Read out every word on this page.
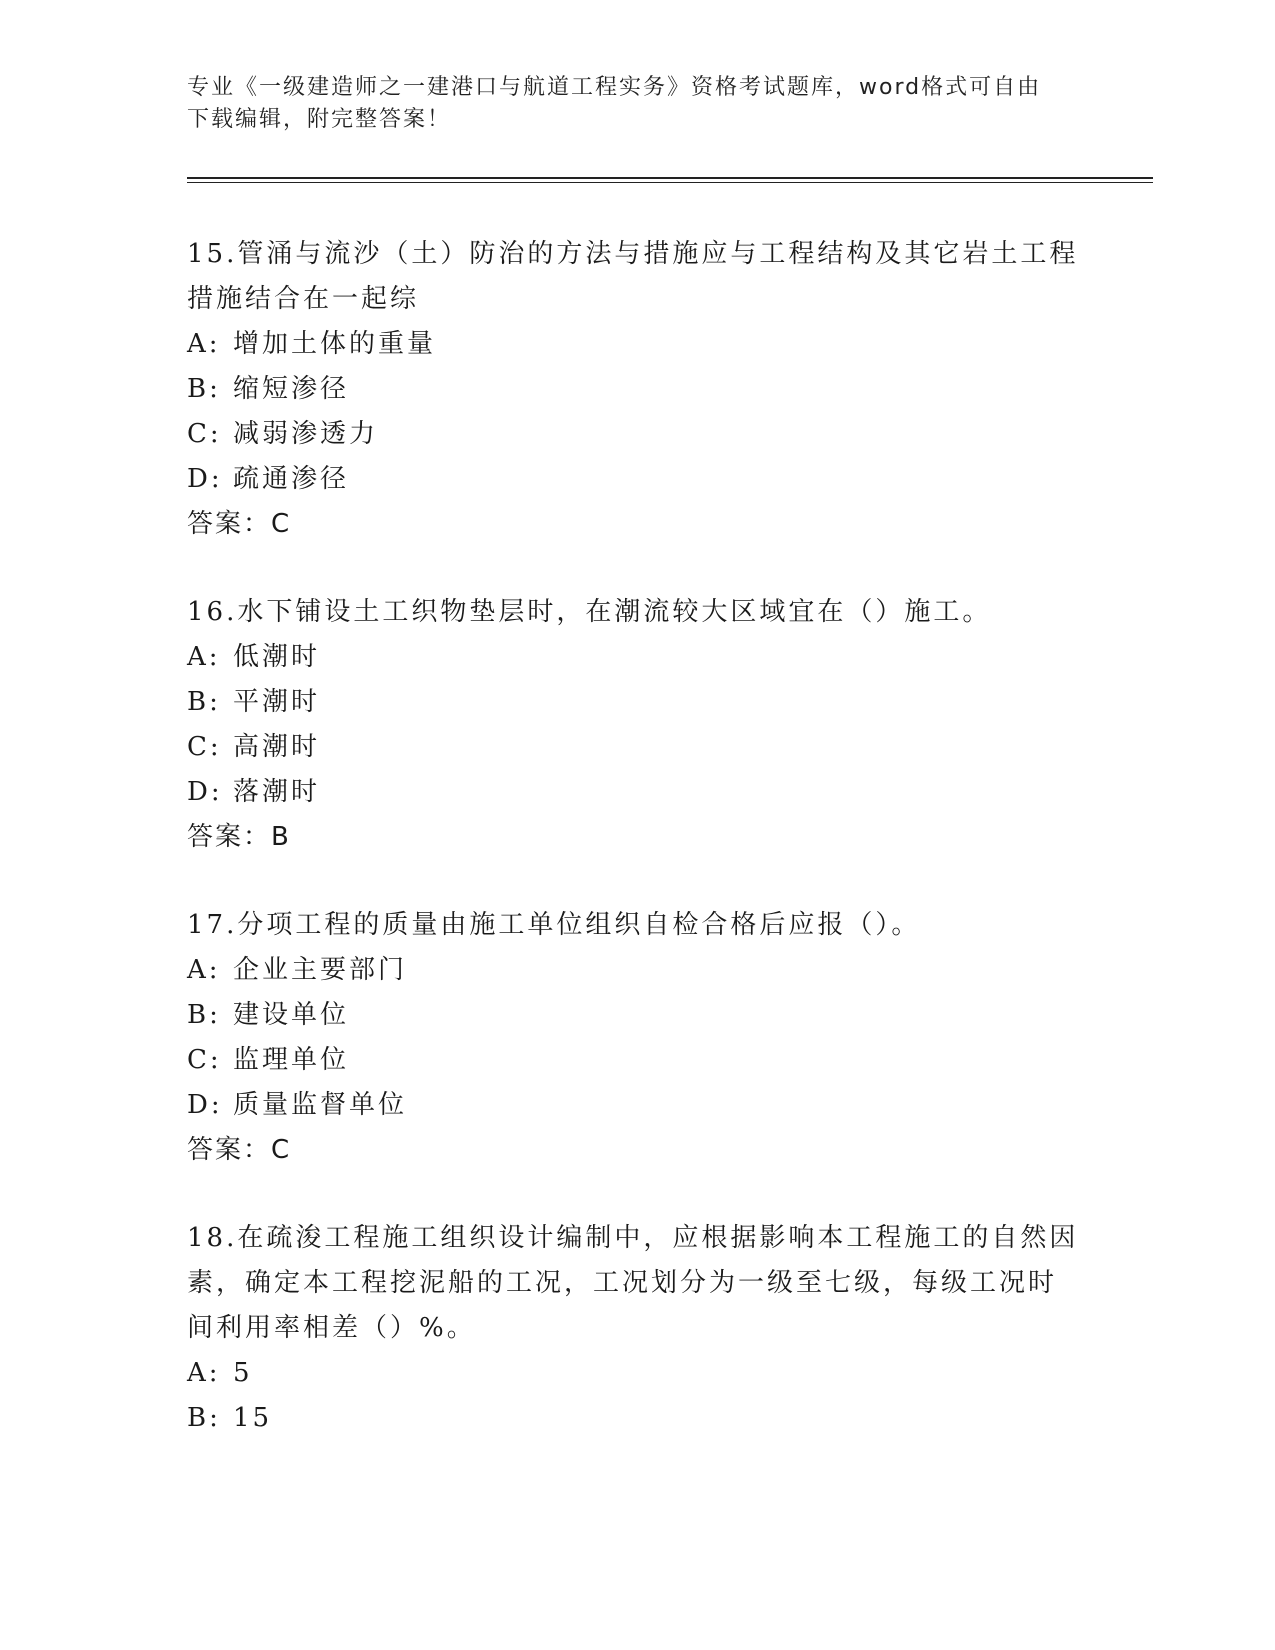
专业《一级建造师之一建港口与航道工程实务》资格考试题库，word格式可自由
下载编辑，附完整答案！

15.管涌与流沙（土）防治的方法与措施应与工程结构及其它岩土工程

措施结合在一起综

A: 增加土体的重量

B: 缩短渗径

C: 减弱渗透力

D: 疏通渗径

答案：C

16.水下铺设土工织物垫层时，在潮流较大区域宜在（）施工。

A: 低潮时

B: 平潮时

C: 高潮时

D: 落潮时

答案：B

17.分项工程的质量由施工单位组织自检合格后应报（）。

A: 企业主要部门

B: 建设单位

C: 监理单位

D: 质量监督单位

答案：C

18.在疏浚工程施工组织设计编制中，应根据影响本工程施工的自然因

素，确定本工程挖泥船的工况，工况划分为一级至七级，每级工况时

间利用率相差（）%。

A: 5

B: 15
